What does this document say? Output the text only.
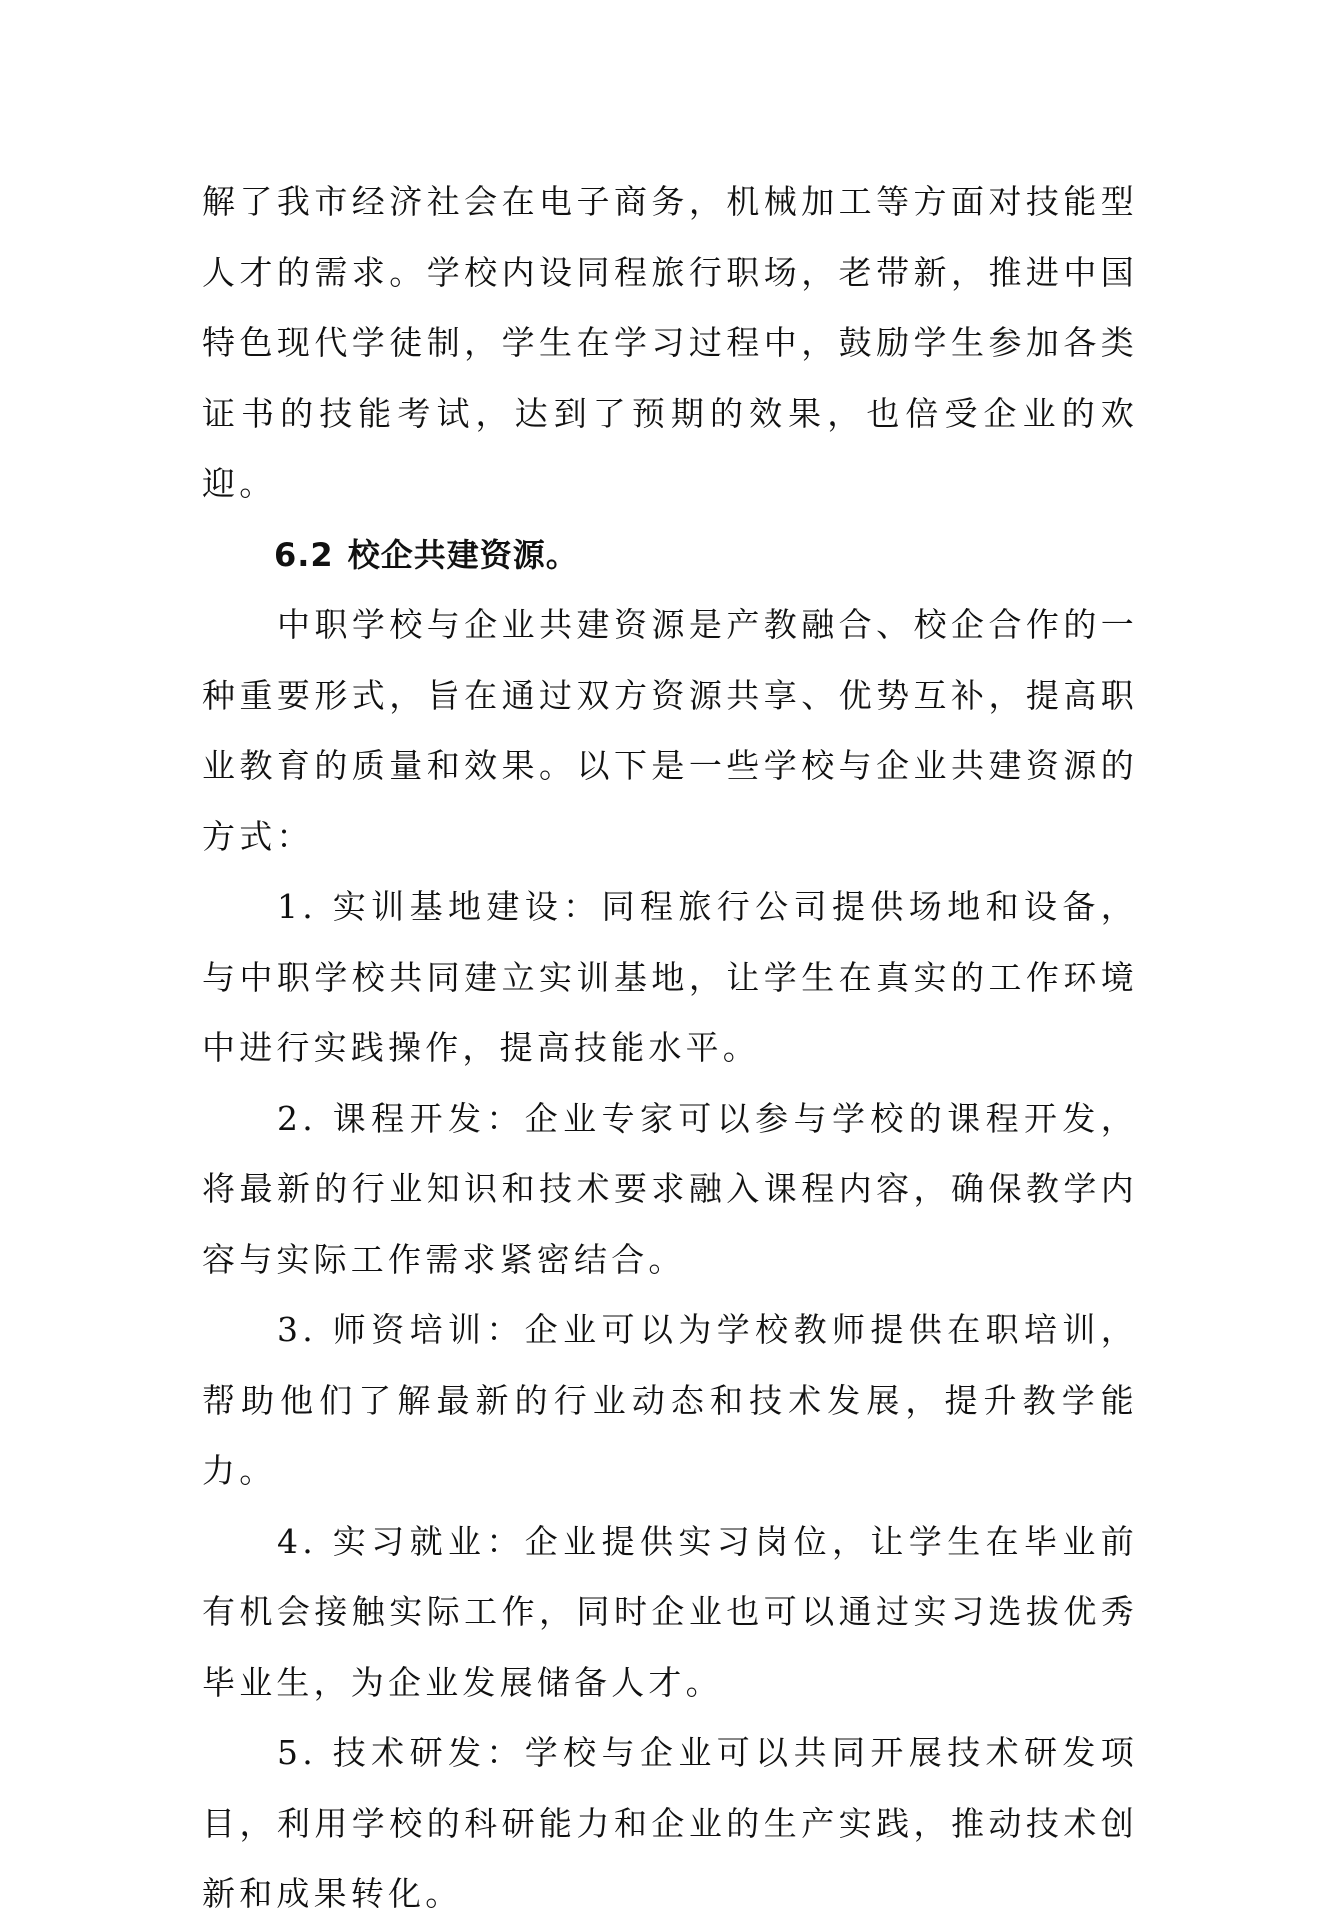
解了我市经济社会在电子商务，机械加工等方面对技能型人才的需求。学校内设同程旅行职场，老带新，推进中国特色现代学徒制，学生在学习过程中，鼓励学生参加各类证书的技能考试，达到了预期的效果，也倍受企业的欢迎。

6.2 校企共建资源。

中职学校与企业共建资源是产教融合、校企合作的一种重要形式，旨在通过双方资源共享、优势互补，提高职业教育的质量和效果。以下是一些学校与企业共建资源的方式：

1. 实训基地建设：同程旅行公司提供场地和设备，与中职学校共同建立实训基地，让学生在真实的工作环境中进行实践操作，提高技能水平。

2. 课程开发：企业专家可以参与学校的课程开发，将最新的行业知识和技术要求融入课程内容，确保教学内容与实际工作需求紧密结合。

3. 师资培训：企业可以为学校教师提供在职培训，帮助他们了解最新的行业动态和技术发展，提升教学能力。

4. 实习就业：企业提供实习岗位，让学生在毕业前有机会接触实际工作，同时企业也可以通过实习选拔优秀毕业生，为企业发展储备人才。

5. 技术研发：学校与企业可以共同开展技术研发项目，利用学校的科研能力和企业的生产实践，推动技术创新和成果转化。
